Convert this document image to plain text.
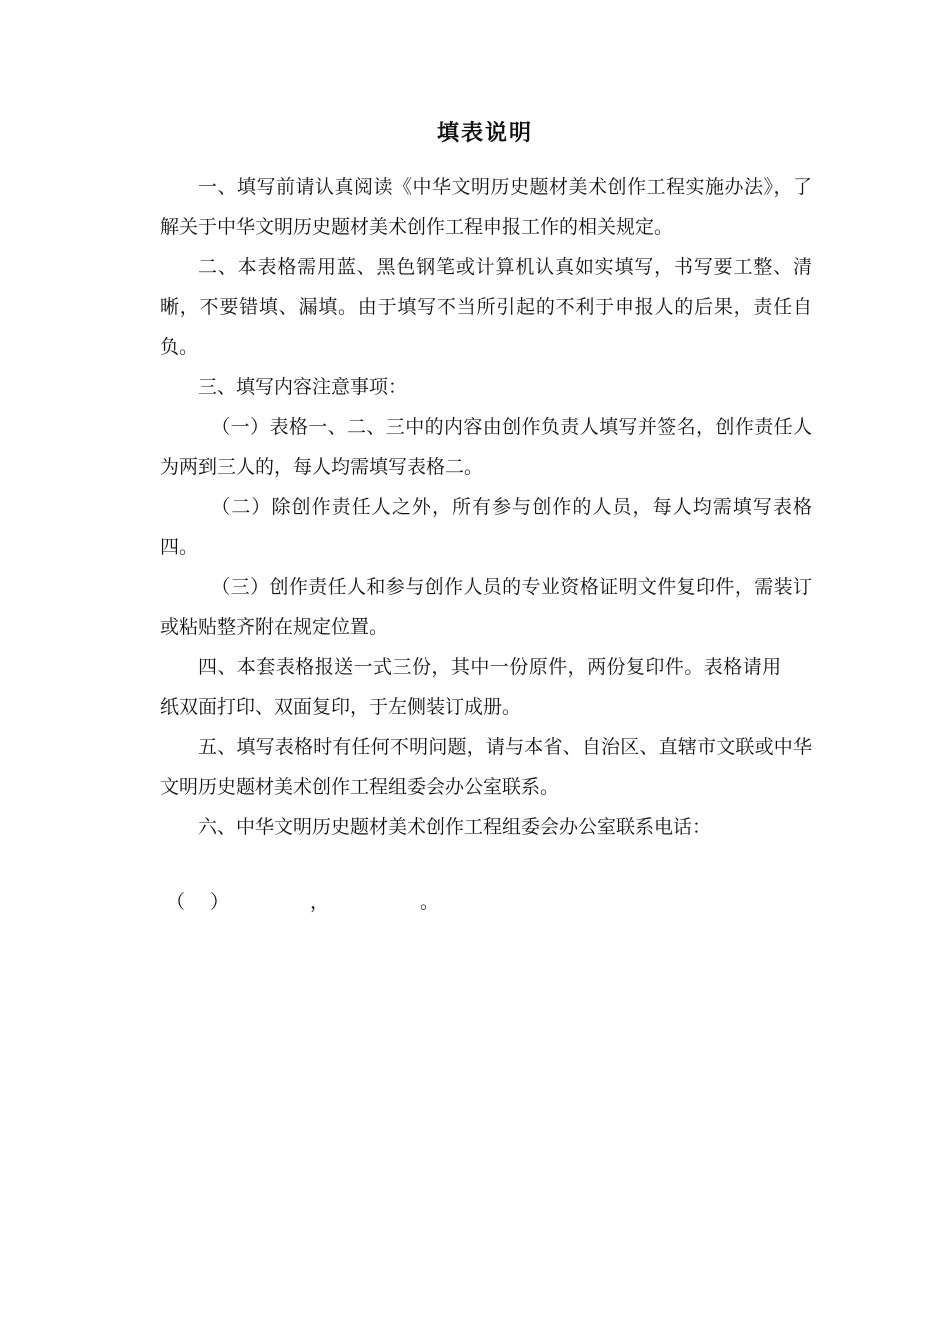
填表说明

一、填写前请认真阅读《中华文明历史题材美术创作工程实施办法》，了解关于中华文明历史题材美术创作工程申报工作的相关规定。

二、本表格需用蓝、黑色钢笔或计算机认真如实填写，书写要工整、清晰，不要错填、漏填。由于填写不当所引起的不利于申报人的后果，责任自负。

三、填写内容注意事项：

（一）表格一、二、三中的内容由创作负责人填写并签名，创作责任人为两到三人的，每人均需填写表格二。

（二）除创作责任人之外，所有参与创作的人员，每人均需填写表格四。

（三）创作责任人和参与创作人员的专业资格证明文件复印件，需装订或粘贴整齐附在规定位置。

四、本套表格报送一式三份，其中一份原件，两份复印件。表格请用纸双面打印、双面复印，于左侧装订成册。

五、填写表格时有任何不明问题，请与本省、自治区、直辖市文联或中华文明历史题材美术创作工程组委会办公室联系。

六、中华文明历史题材美术创作工程组委会办公室联系电话：

（ ）	，	。
